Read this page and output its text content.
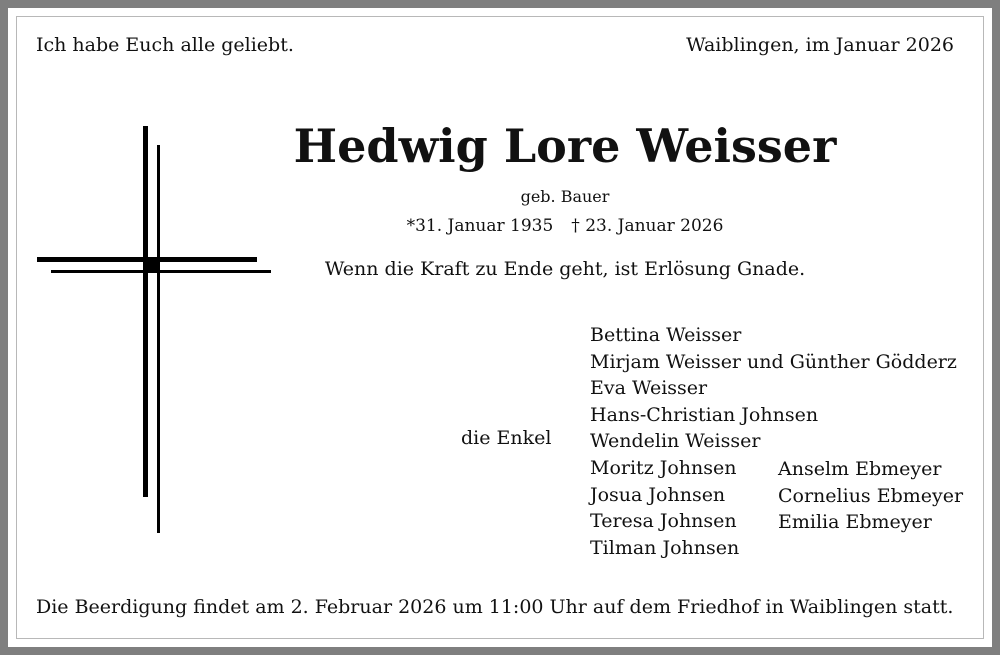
Ich habe Euch alle geliebt.	Waiblingen, im Januar 2026
Hedwig Lore Weisser
geb. Bauer
*31. Januar 1935 † 23. Januar 2026
Wenn die Kraft zu Ende geht, ist Erlösung Gnade.
die Enkel
Bettina Weisser
Mirjam Weisser und Günther Gödderz
Eva Weisser
Hans-Christian Johnsen
Wendelin Weisser
Moritz Johnsen
Josua Johnsen
Teresa Johnsen
Tilman Johnsen
Anselm Ebmeyer
Cornelius Ebmeyer
Emilia Ebmeyer
Die Beerdigung findet am 2. Februar 2026 um 11:00 Uhr auf dem Friedhof in Waiblingen statt.
